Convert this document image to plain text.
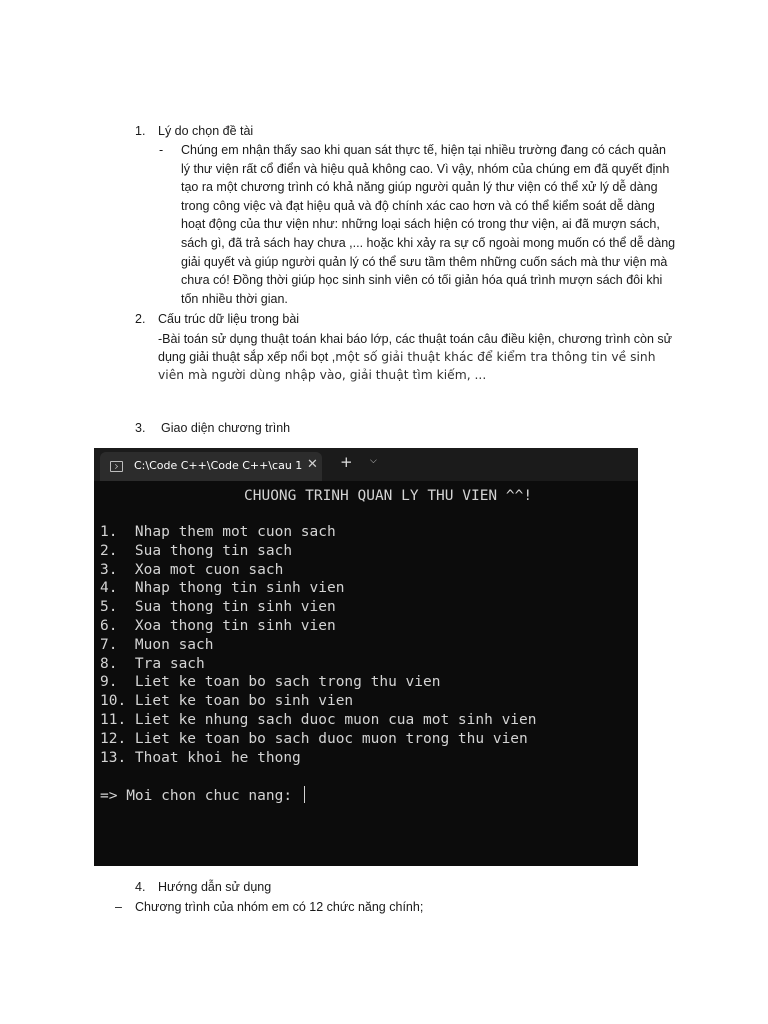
1. Lý do chọn đề tài
- Chúng em nhận thấy sao khi quan sát thực tế, hiện tại nhiều trường đang có cách quản
lý thư viện rất cổ điển và hiệu quả không cao. Vì vậy, nhóm của chúng em đã quyết định
tạo ra một chương trình có khả năng giúp người quản lý thư viện có thể xử lý dễ dàng
trong công việc và đạt hiệu quả và độ chính xác cao hơn và có thể kiểm soát dễ dàng
hoạt động của thư viện như: những loại sách hiện có trong thư viện, ai đã mượn sách,
sách gì, đã trả sách hay chưa ,... hoặc khi xảy ra sự cố ngoài mong muốn có thể dễ dàng
giải quyết và giúp người quản lý có thể sưu tầm thêm những cuốn sách mà thư viện mà
chưa có! Đồng thời giúp học sinh sinh viên có tối giản hóa quá trình mượn sách đôi khi
tốn nhiều thời gian.
2. Cấu trúc dữ liệu trong bài
-Bài toán sử dụng thuật toán khai báo lớp, các thuật toán câu điều kiện, chương trình còn sử
dụng giải thuật sắp xếp nổi bọt ,một số giải thuật khác để kiểm tra thông tin về sinh
viên mà người dùng nhập vào, giải thuật tìm kiếm, ...
3. Giao diện chương trình
C:\Code C++\Code C++\cau 1 ✕ + ⌵
CHUONG TRINH QUAN LY THU VIEN ^^!
1.  Nhap them mot cuon sach
2.  Sua thong tin sach
3.  Xoa mot cuon sach
4.  Nhap thong tin sinh vien
5.  Sua thong tin sinh vien
6.  Xoa thong tin sinh vien
7.  Muon sach
8.  Tra sach
9.  Liet ke toan bo sach trong thu vien
10. Liet ke toan bo sinh vien
11. Liet ke nhung sach duoc muon cua mot sinh vien
12. Liet ke toan bo sach duoc muon trong thu vien
13. Thoat khoi he thong
=> Moi chon chuc nang:
4. Hướng dẫn sử dụng
– Chương trình của nhóm em có 12 chức năng chính;
